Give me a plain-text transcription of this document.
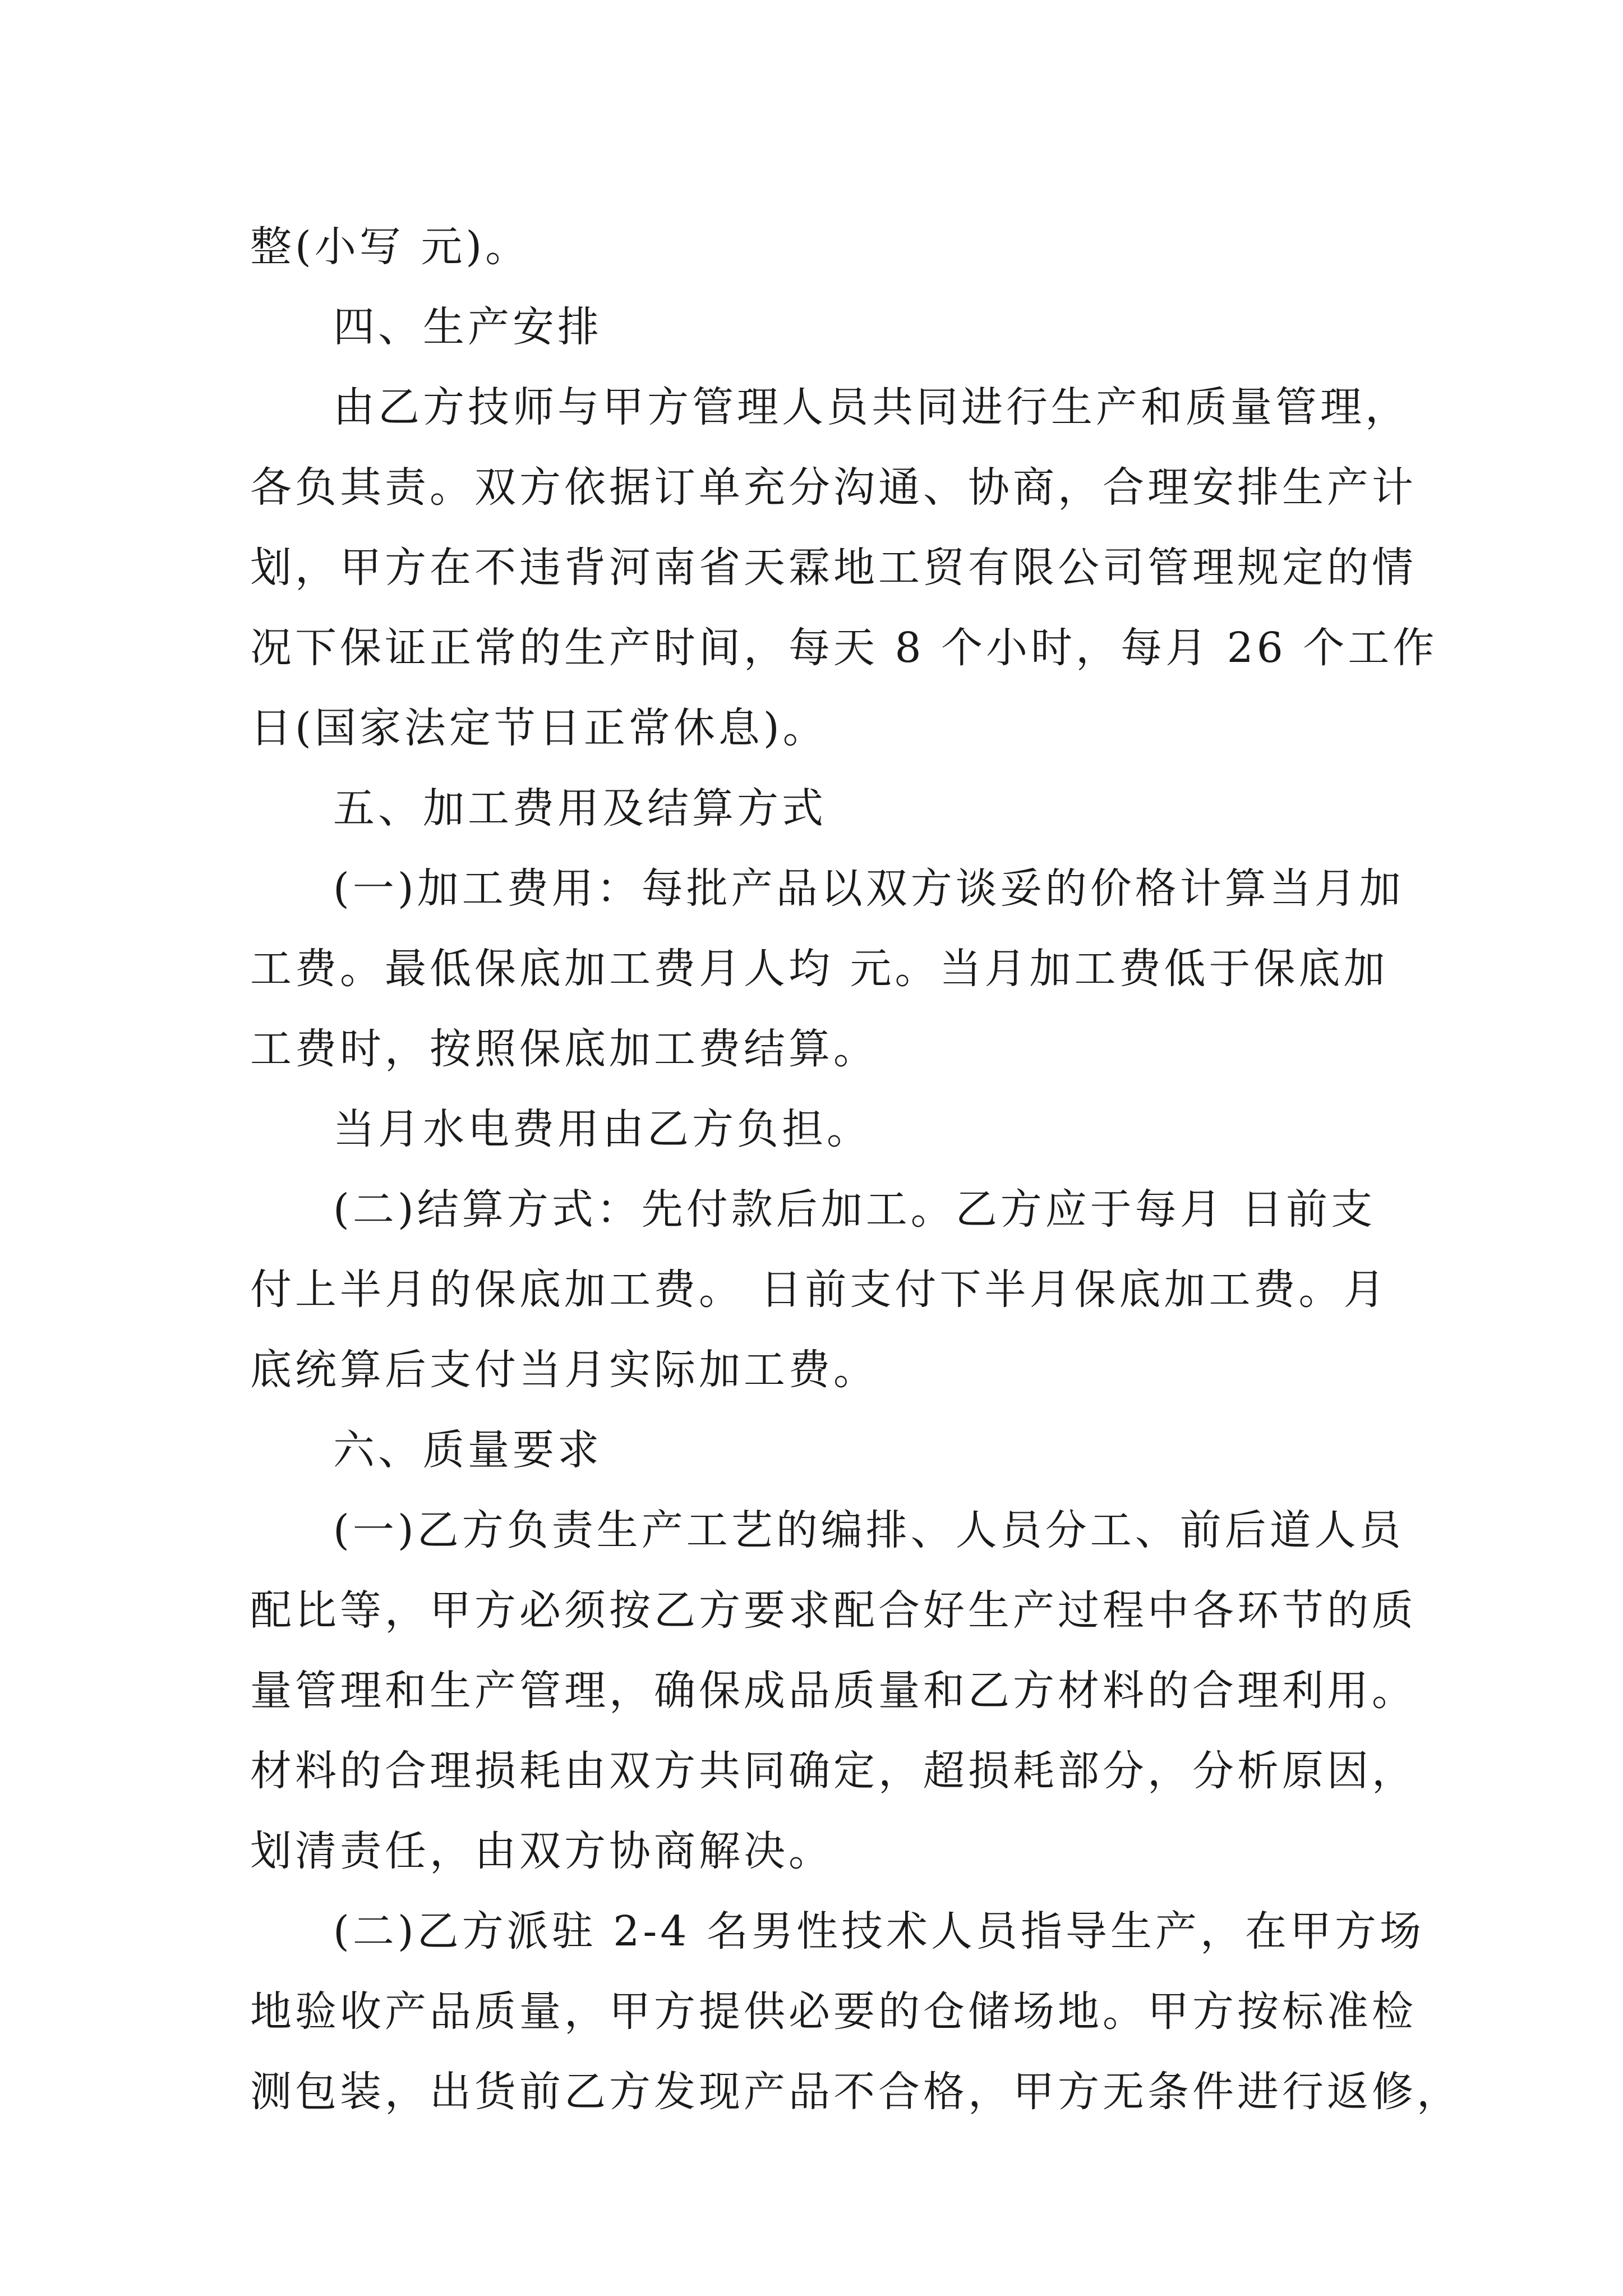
整(小写 元)。
四、生产安排
由乙方技师与甲方管理人员共同进行生产和质量管理，
各负其责。双方依据订单充分沟通、协商，合理安排生产计
划，甲方在不违背河南省天霖地工贸有限公司管理规定的情
况下保证正常的生产时间，每天 8 个小时，每月 26 个工作
日(国家法定节日正常休息)。
五、加工费用及结算方式
(一)加工费用：每批产品以双方谈妥的价格计算当月加
工费。最低保底加工费月人均 元。当月加工费低于保底加
工费时，按照保底加工费结算。
当月水电费用由乙方负担。
(二)结算方式：先付款后加工。乙方应于每月 日前支
付上半月的保底加工费。 日前支付下半月保底加工费。月
底统算后支付当月实际加工费。
六、质量要求
(一)乙方负责生产工艺的编排、人员分工、前后道人员
配比等，甲方必须按乙方要求配合好生产过程中各环节的质
量管理和生产管理，确保成品质量和乙方材料的合理利用。
材料的合理损耗由双方共同确定，超损耗部分，分析原因，
划清责任，由双方协商解决。
(二)乙方派驻 2-4 名男性技术人员指导生产，在甲方场
地验收产品质量，甲方提供必要的仓储场地。甲方按标准检
测包装，出货前乙方发现产品不合格，甲方无条件进行返修，
